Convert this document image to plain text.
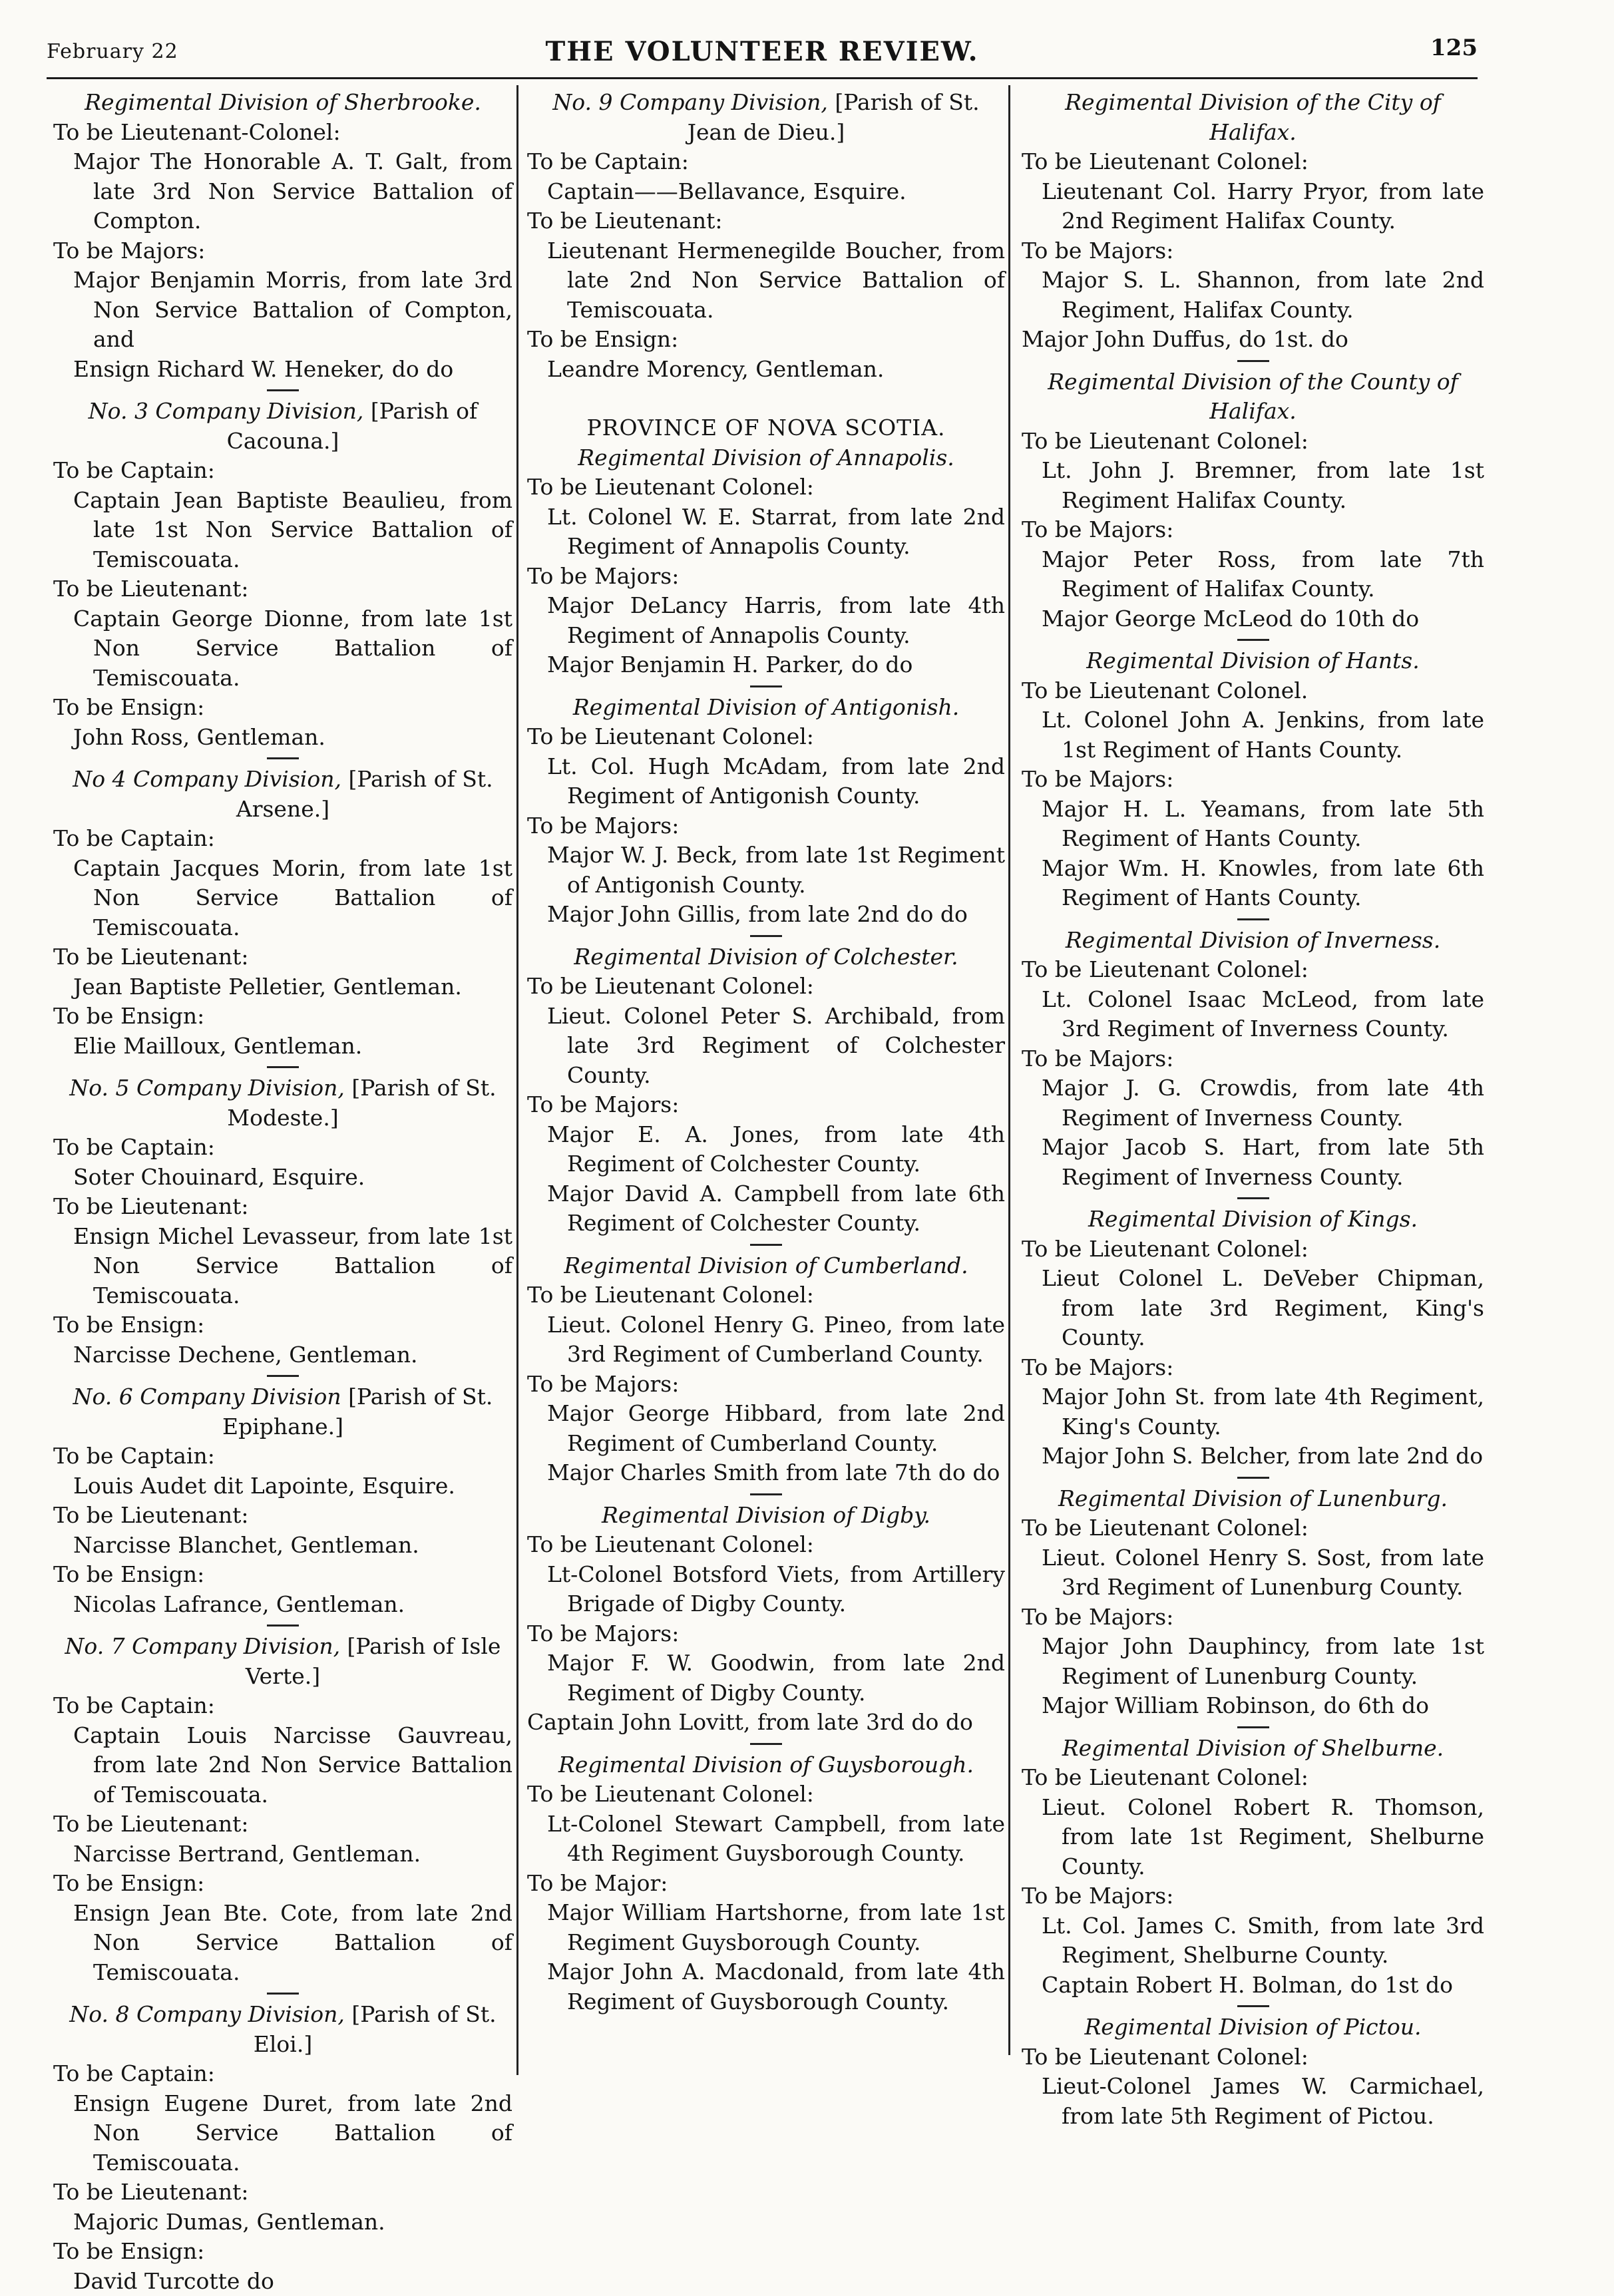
February 22	THE VOLUNTEER REVIEW.	125
Regimental Division of Sherbrooke.
To be Lieutenant-Colonel:
Major The Honorable A. T. Galt, from late 3rd Non Service Battalion of Compton.
To be Majors:
Major Benjamin Morris, from late 3rd Non Service Battalion of Compton, and
Ensign Richard W. Heneker, do do
No. 3 Company Division, [Parish of Cacouna.]
To be Captain:
Captain Jean Baptiste Beaulieu, from late 1st Non Service Battalion of Temiscouata.
To be Lieutenant:
Captain George Dionne, from late 1st Non Service Battalion of Temiscouata.
To be Ensign:
John Ross, Gentleman.
No 4 Company Division, [Parish of St. Arsene.]
To be Captain:
Captain Jacques Morin, from late 1st Non Service Battalion of Temiscouata.
To be Lieutenant:
Jean Baptiste Pelletier, Gentleman.
To be Ensign:
Elie Mailloux, Gentleman.
No. 5 Company Division, [Parish of St. Modeste.]
To be Captain:
Soter Chouinard, Esquire.
To be Lieutenant:
Ensign Michel Levasseur, from late 1st Non Service Battalion of Temiscouata.
To be Ensign:
Narcisse Dechene, Gentleman.
No. 6 Company Division [Parish of St. Epiphane.]
To be Captain:
Louis Audet dit Lapointe, Esquire.
To be Lieutenant:
Narcisse Blanchet, Gentleman.
To be Ensign:
Nicolas Lafrance, Gentleman.
No. 7 Company Division, [Parish of Isle Verte.]
To be Captain:
Captain Louis Narcisse Gauvreau, from late 2nd Non Service Battalion of Temiscouata.
To be Lieutenant:
Narcisse Bertrand, Gentleman.
To be Ensign:
Ensign Jean Bte. Cote, from late 2nd Non Service Battalion of Temiscouata.
No. 8 Company Division, [Parish of St. Eloi.]
To be Captain:
Ensign Eugene Duret, from late 2nd Non Service Battalion of Temiscouata.
To be Lieutenant:
Majoric Dumas, Gentleman.
To be Ensign:
David Turcotte do
No. 9 Company Division, [Parish of St. Jean de Dieu.]
To be Captain:
Captain——Bellavance, Esquire.
To be Lieutenant:
Lieutenant Hermenegilde Boucher, from late 2nd Non Service Battalion of Temiscouata.
To be Ensign:
Leandre Morency, Gentleman.
PROVINCE OF NOVA SCOTIA.
Regimental Division of Annapolis.
To be Lieutenant Colonel:
Lt. Colonel W. E. Starrat, from late 2nd Regiment of Annapolis County.
To be Majors:
Major DeLancy Harris, from late 4th Regiment of Annapolis County.
Major Benjamin H. Parker, do do
Regimental Division of Antigonish.
To be Lieutenant Colonel:
Lt. Col. Hugh McAdam, from late 2nd Regiment of Antigonish County.
To be Majors:
Major W. J. Beck, from late 1st Regiment of Antigonish County.
Major John Gillis, from late 2nd do do
Regimental Division of Colchester.
To be Lieutenant Colonel:
Lieut. Colonel Peter S. Archibald, from late 3rd Regiment of Colchester County.
To be Majors:
Major E. A. Jones, from late 4th Regiment of Colchester County.
Major David A. Campbell from late 6th Regiment of Colchester County.
Regimental Division of Cumberland.
To be Lieutenant Colonel:
Lieut. Colonel Henry G. Pineo, from late 3rd Regiment of Cumberland County.
To be Majors:
Major George Hibbard, from late 2nd Regiment of Cumberland County.
Major Charles Smith from late 7th do do
Regimental Division of Digby.
To be Lieutenant Colonel:
Lt-Colonel Botsford Viets, from Artillery Brigade of Digby County.
To be Majors:
Major F. W. Goodwin, from late 2nd Regiment of Digby County.
Captain John Lovitt, from late 3rd do do
Regimental Division of Guysborough.
To be Lieutenant Colonel:
Lt-Colonel Stewart Campbell, from late 4th Regiment Guysborough County.
To be Major:
Major William Hartshorne, from late 1st Regiment Guysborough County.
Major John A. Macdonald, from late 4th Regiment of Guysborough County.
Regimental Division of the City of Halifax.
To be Lieutenant Colonel:
Lieutenant Col. Harry Pryor, from late 2nd Regiment Halifax County.
To be Majors:
Major S. L. Shannon, from late 2nd Regiment, Halifax County.
Major John Duffus, do 1st. do
Regimental Division of the County of Halifax.
To be Lieutenant Colonel:
Lt. John J. Bremner, from late 1st Regiment Halifax County.
To be Majors:
Major Peter Ross, from late 7th Regiment of Halifax County.
Major George McLeod do 10th do
Regimental Division of Hants.
To be Lieutenant Colonel.
Lt. Colonel John A. Jenkins, from late 1st Regiment of Hants County.
To be Majors:
Major H. L. Yeamans, from late 5th Regiment of Hants County.
Major Wm. H. Knowles, from late 6th Regiment of Hants County.
Regimental Division of Inverness.
To be Lieutenant Colonel:
Lt. Colonel Isaac McLeod, from late 3rd Regiment of Inverness County.
To be Majors:
Major J. G. Crowdis, from late 4th Regiment of Inverness County.
Major Jacob S. Hart, from late 5th Regiment of Inverness County.
Regimental Division of Kings.
To be Lieutenant Colonel:
Lieut Colonel L. DeVeber Chipman, from late 3rd Regiment, King's County.
To be Majors:
Major John St. from late 4th Regiment, King's County.
Major John S. Belcher, from late 2nd do
Regimental Division of Lunenburg.
To be Lieutenant Colonel:
Lieut. Colonel Henry S. Sost, from late 3rd Regiment of Lunenburg County.
To be Majors:
Major John Dauphincy, from late 1st Regiment of Lunenburg County.
Major William Robinson, do 6th do
Regimental Division of Shelburne.
To be Lieutenant Colonel:
Lieut. Colonel Robert R. Thomson, from late 1st Regiment, Shelburne County.
To be Majors:
Lt. Col. James C. Smith, from late 3rd Regiment, Shelburne County.
Captain Robert H. Bolman, do 1st do
Regimental Division of Pictou.
To be Lieutenant Colonel:
Lieut-Colonel James W. Carmichael, from late 5th Regiment of Pictou.
